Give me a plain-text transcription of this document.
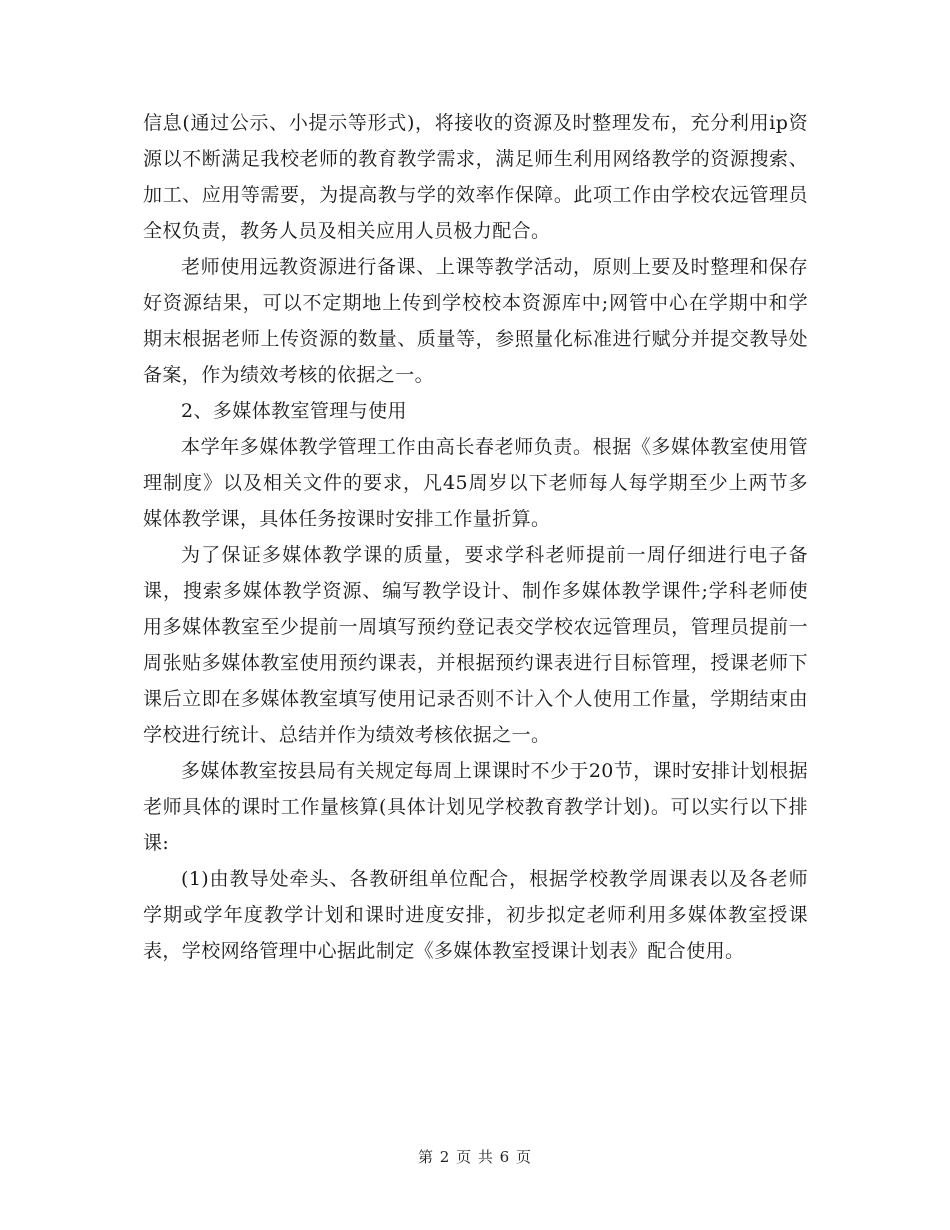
信息(通过公示、小提示等形式)，将接收的资源及时整理发布，充分利用ip资源以不断满足我校老师的教育教学需求，满足师生利用网络教学的资源搜索、加工、应用等需要，为提高教与学的效率作保障。此项工作由学校农远管理员全权负责，教务人员及相关应用人员极力配合。

老师使用远教资源进行备课、上课等教学活动，原则上要及时整理和保存好资源结果，可以不定期地上传到学校校本资源库中;网管中心在学期中和学期末根据老师上传资源的数量、质量等，参照量化标准进行赋分并提交教导处备案，作为绩效考核的依据之一。

2、多媒体教室管理与使用

本学年多媒体教学管理工作由高长春老师负责。根据《多媒体教室使用管理制度》以及相关文件的要求，凡45周岁以下老师每人每学期至少上两节多媒体教学课，具体任务按课时安排工作量折算。

为了保证多媒体教学课的质量，要求学科老师提前一周仔细进行电子备课，搜索多媒体教学资源、编写教学设计、制作多媒体教学课件;学科老师使用多媒体教室至少提前一周填写预约登记表交学校农远管理员，管理员提前一周张贴多媒体教室使用预约课表，并根据预约课表进行目标管理，授课老师下课后立即在多媒体教室填写使用记录否则不计入个人使用工作量，学期结束由学校进行统计、总结并作为绩效考核依据之一。

多媒体教室按县局有关规定每周上课课时不少于20节，课时安排计划根据老师具体的课时工作量核算(具体计划见学校教育教学计划)。可以实行以下排课:

(1)由教导处牵头、各教研组单位配合，根据学校教学周课表以及各老师学期或学年度教学计划和课时进度安排，初步拟定老师利用多媒体教室授课表，学校网络管理中心据此制定《多媒体教室授课计划表》配合使用。

第 2 页 共 6 页
